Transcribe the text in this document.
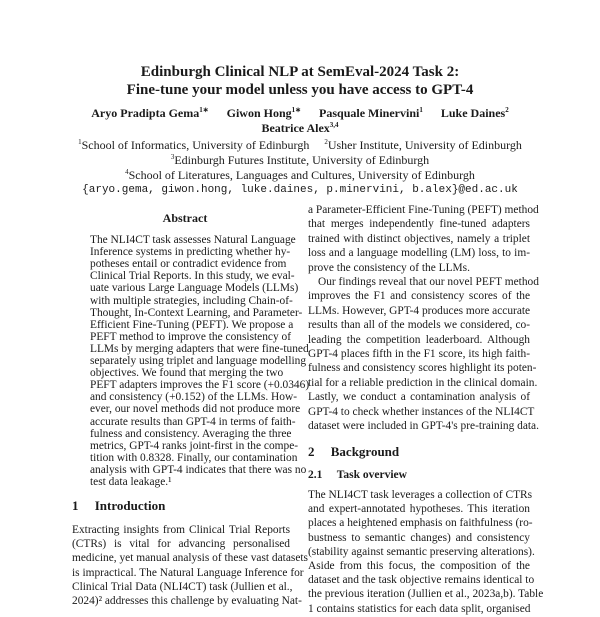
Edinburgh Clinical NLP at SemEval-2024 Task 2:
Fine-tune your model unless you have access to GPT-4
Aryo Pradipta Gema$^{1∗}$  Giwon Hong$^{1∗}$  Pasquale Minervini$^1$  Luke Daines$^2$
Beatrice Alex$^{3,4}$
$^1$School of Informatics, University of Edinburgh  $^2$Usher Institute, University of Edinburgh
$^3$Edinburgh Futures Institute, University of Edinburgh
$^4$School of Literatures, Languages and Cultures, University of Edinburgh
{aryo.gema, giwon.hong, luke.daines, p.minervini, b.alex}@ed.ac.uk
Abstract
The NLI4CT task assesses Natural Language
Inference systems in predicting whether hy-
potheses entail or contradict evidence from
Clinical Trial Reports. In this study, we eval-
uate various Large Language Models (LLMs)
with multiple strategies, including Chain-of-
Thought, In-Context Learning, and Parameter-
Efficient Fine-Tuning (PEFT). We propose a
PEFT method to improve the consistency of
LLMs by merging adapters that were fine-tuned
separately using triplet and language modelling
objectives. We found that merging the two
PEFT adapters improves the F1 score (+0.0346)
and consistency (+0.152) of the LLMs. How-
ever, our novel methods did not produce more
accurate results than GPT-4 in terms of faith-
fulness and consistency. Averaging the three
metrics, GPT-4 ranks joint-first in the compe-
tition with 0.8328. Finally, our contamination
analysis with GPT-4 indicates that there was no
test data leakage.¹
1  Introduction
Extracting insights from Clinical Trial Reports
(CTRs) is vital for advancing personalised
medicine, yet manual analysis of these vast datasets
is impractical. The Natural Language Inference for
Clinical Trial Data (NLI4CT) task (Jullien et al.,
2024)² addresses this challenge by evaluating Nat-
a Parameter-Efficient Fine-Tuning (PEFT) method
that merges independently fine-tuned adapters
trained with distinct objectives, namely a triplet
loss and a language modelling (LM) loss, to im-
prove the consistency of the LLMs.
Our findings reveal that our novel PEFT method
improves the F1 and consistency scores of the
LLMs. However, GPT-4 produces more accurate
results than all of the models we considered, co-
leading the competition leaderboard. Although
GPT-4 places fifth in the F1 score, its high faith-
fulness and consistency scores highlight its poten-
tial for a reliable prediction in the clinical domain.
Lastly, we conduct a contamination analysis of
GPT-4 to check whether instances of the NLI4CT
dataset were included in GPT-4's pre-training data.
2  Background
2.1  Task overview
The NLI4CT task leverages a collection of CTRs
and expert-annotated hypotheses. This iteration
places a heightened emphasis on faithfulness (ro-
bustness to semantic changes) and consistency
(stability against semantic preserving alterations).
Aside from this focus, the composition of the
dataset and the task objective remains identical to
the previous iteration (Jullien et al., 2023a,b). Table
1 contains statistics for each data split, organised
